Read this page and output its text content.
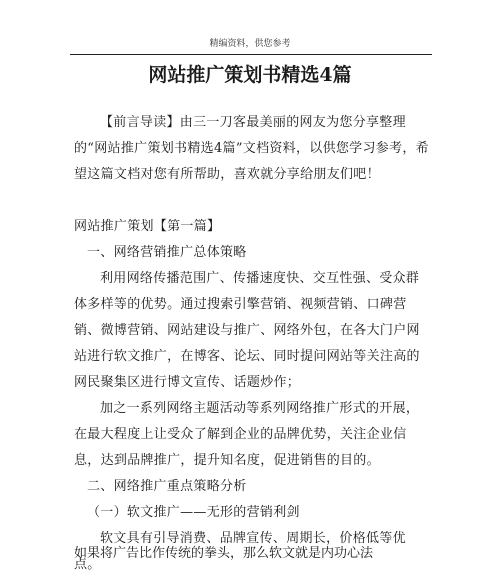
精编资料，供您参考
网站推广策划书精选4篇

【前言导读】由三一刀客最美丽的网友为您分享整理的“网站推广策划书精选4篇”文档资料，以供您学习参考，希望这篇文档对您有所帮助，喜欢就分享给朋友们吧！

网站推广策划【第一篇】

一、网络营销推广总体策略

利用网络传播范围广、传播速度快、交互性强、受众群体多样等的优势。通过搜索引擎营销、视频营销、口碑营销、微博营销、网站建设与推广、网络外包，在各大门户网站进行软文推广，在博客、论坛、同时提问网站等关注高的网民聚集区进行博文宣传、话题炒作；

加之一系列网络主题活动等系列网络推广形式的开展，在最大程度上让受众了解到企业的品牌优势，关注企业信息，达到品牌推广，提升知名度，促进销售的目的。

二、网络推广重点策略分析

（一）软文推广——无形的营销利剑

软文具有引导消费、品牌宣传、周期长，价格低等优点。

如果将广告比作传统的拳头，那么软文就是内功心法
